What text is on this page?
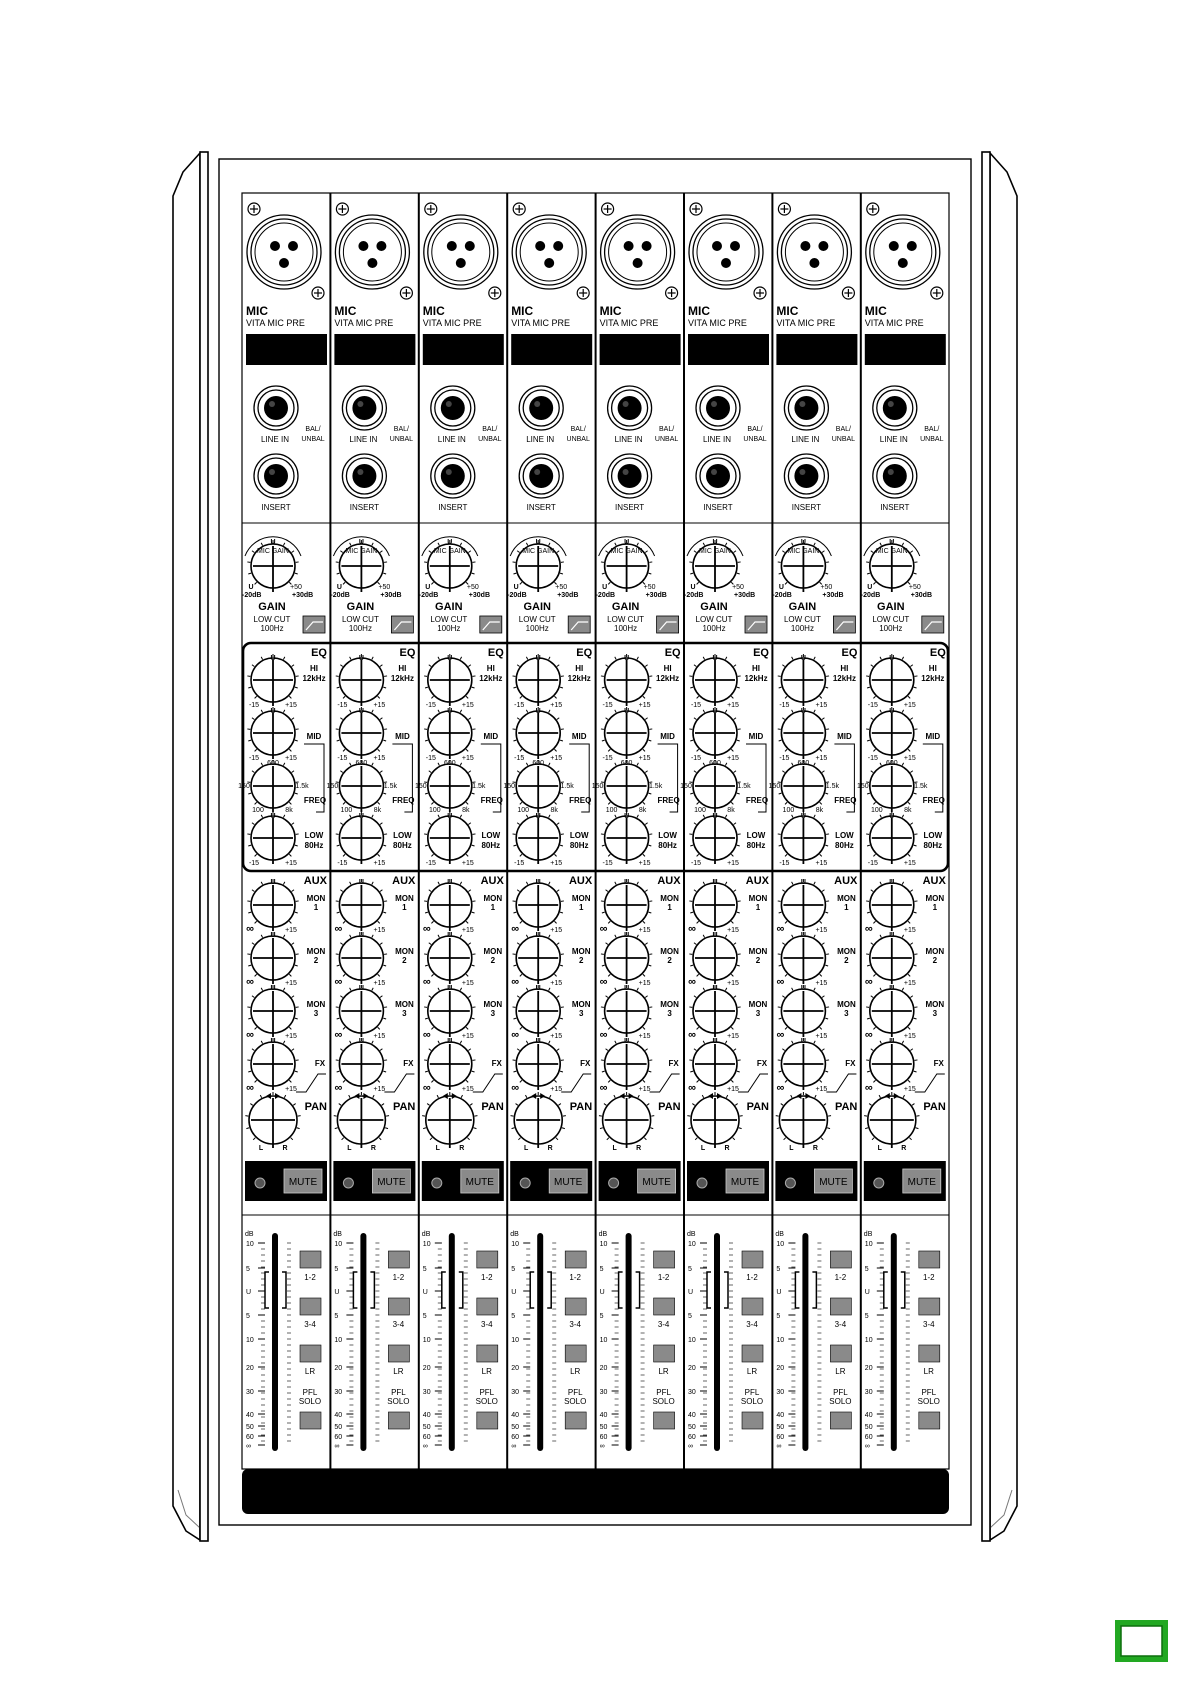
MIC
VITA MIC PRE
LINE IN
BAL/
UNBAL
INSERT
MIC GAIN
U
U	+50
-20dB	+30dB
GAIN
LOW CUT
100Hz
EQ
U
-15	+15
HI
12kHz
U
-15	+15
MID
600
150	1.5k
100	8k
FREQ
U
-15	+15
LOW
80Hz
AUX
U
∞	+15
MON
1
U
∞	+15
MON
2
U
∞	+15
MON
3
U
∞	+15
FX
PAN
L	R
OL
MUTE
dB
10
5
U
5
10
20
30
40
50
60
∞
1-2
3-4
LR
PFL
SOLO
MIC
VITA MIC PRE
LINE IN
BAL/
UNBAL
INSERT
MIC GAIN
U
U	+50
-20dB	+30dB
GAIN
LOW CUT
100Hz
EQ
U
-15	+15
HI
12kHz
U
-15	+15
MID
600
150	1.5k
100	8k
FREQ
U
-15	+15
LOW
80Hz
AUX
U
∞	+15
MON
1
U
∞	+15
MON
2
U
∞	+15
MON
3
U
∞	+15
FX
PAN
L	R
OL
MUTE
dB
10
5
U
5
10
20
30
40
50
60
∞
1-2
3-4
LR
PFL
SOLO
MIC
VITA MIC PRE
LINE IN
BAL/
UNBAL
INSERT
MIC GAIN
U
U	+50
-20dB	+30dB
GAIN
LOW CUT
100Hz
EQ
U
-15	+15
HI
12kHz
U
-15	+15
MID
600
150	1.5k
100	8k
FREQ
U
-15	+15
LOW
80Hz
AUX
U
∞	+15
MON
1
U
∞	+15
MON
2
U
∞	+15
MON
3
U
∞	+15
FX
PAN
L	R
OL
MUTE
dB
10
5
U
5
10
20
30
40
50
60
∞
1-2
3-4
LR
PFL
SOLO
MIC
VITA MIC PRE
LINE IN
BAL/
UNBAL
INSERT
MIC GAIN
U
U	+50
-20dB	+30dB
GAIN
LOW CUT
100Hz
EQ
U
-15	+15
HI
12kHz
U
-15	+15
MID
600
150	1.5k
100	8k
FREQ
U
-15	+15
LOW
80Hz
AUX
U
∞	+15
MON
1
U
∞	+15
MON
2
U
∞	+15
MON
3
U
∞	+15
FX
PAN
L	R
OL
MUTE
dB
10
5
U
5
10
20
30
40
50
60
∞
1-2
3-4
LR
PFL
SOLO
MIC
VITA MIC PRE
LINE IN
BAL/
UNBAL
INSERT
MIC GAIN
U
U	+50
-20dB	+30dB
GAIN
LOW CUT
100Hz
EQ
U
-15	+15
HI
12kHz
U
-15	+15
MID
600
150	1.5k
100	8k
FREQ
U
-15	+15
LOW
80Hz
AUX
U
∞	+15
MON
1
U
∞	+15
MON
2
U
∞	+15
MON
3
U
∞	+15
FX
PAN
L	R
OL
MUTE
dB
10
5
U
5
10
20
30
40
50
60
∞
1-2
3-4
LR
PFL
SOLO
MIC
VITA MIC PRE
LINE IN
BAL/
UNBAL
INSERT
MIC GAIN
U
U	+50
-20dB	+30dB
GAIN
LOW CUT
100Hz
EQ
U
-15	+15
HI
12kHz
U
-15	+15
MID
600
150	1.5k
100	8k
FREQ
U
-15	+15
LOW
80Hz
AUX
U
∞	+15
MON
1
U
∞	+15
MON
2
U
∞	+15
MON
3
U
∞	+15
FX
PAN
L	R
OL
MUTE
dB
10
5
U
5
10
20
30
40
50
60
∞
1-2
3-4
LR
PFL
SOLO
MIC
VITA MIC PRE
LINE IN
BAL/
UNBAL
INSERT
MIC GAIN
U
U	+50
-20dB	+30dB
GAIN
LOW CUT
100Hz
EQ
U
-15	+15
HI
12kHz
U
-15	+15
MID
600
150	1.5k
100	8k
FREQ
U
-15	+15
LOW
80Hz
AUX
U
∞	+15
MON
1
U
∞	+15
MON
2
U
∞	+15
MON
3
U
∞	+15
FX
PAN
L	R
OL
MUTE
dB
10
5
U
5
10
20
30
40
50
60
∞
1-2
3-4
LR
PFL
SOLO
MIC
VITA MIC PRE
LINE IN
BAL/
UNBAL
INSERT
MIC GAIN
U
U	+50
-20dB	+30dB
GAIN
LOW CUT
100Hz
EQ
U
-15	+15
HI
12kHz
U
-15	+15
MID
600
150	1.5k
100	8k
FREQ
U
-15	+15
LOW
80Hz
AUX
U
∞	+15
MON
1
U
∞	+15
MON
2
U
∞	+15
MON
3
U
∞	+15
FX
PAN
L	R
OL
MUTE
dB
10
5
U
5
10
20
30
40
50
60
∞
1-2
3-4
LR
PFL
SOLO
